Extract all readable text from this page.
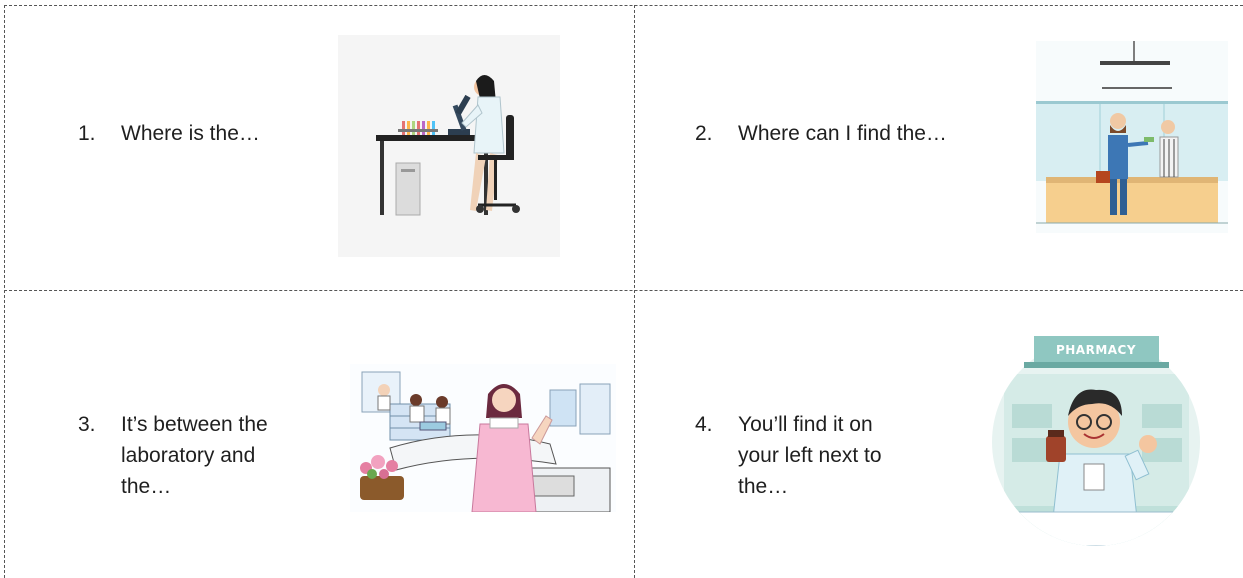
1. Where is the…	2. Where can I find the…
3. It’s between the
laboratory and
the…
4. You’ll find it on
your left next to
the…
PHARMACY
